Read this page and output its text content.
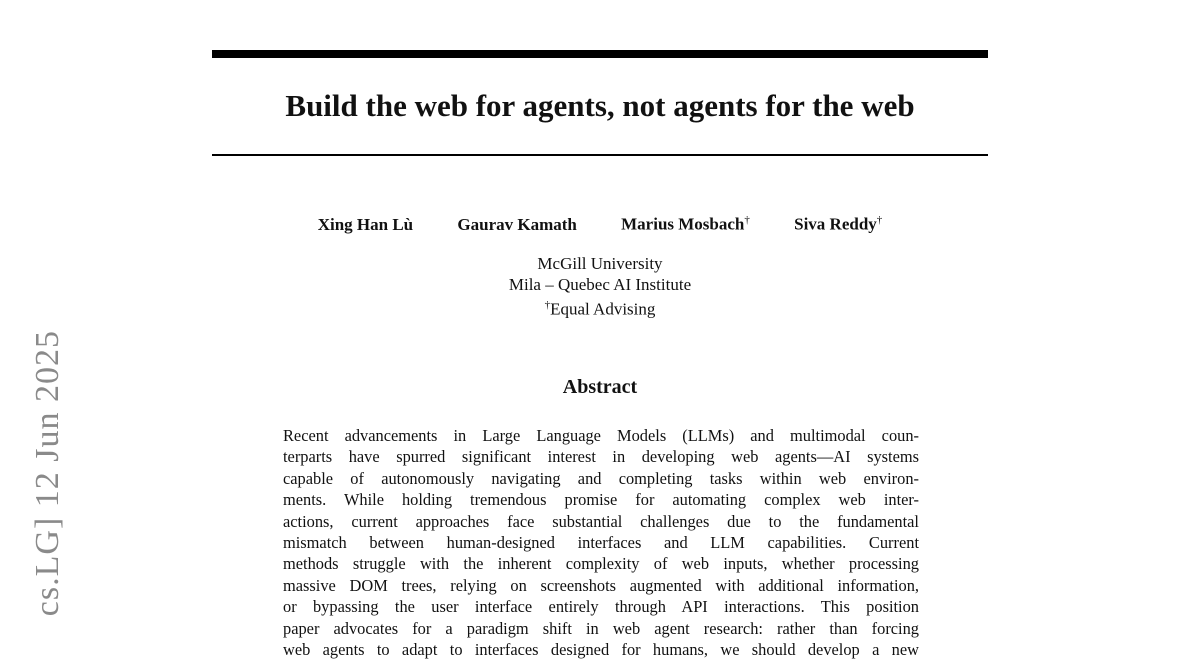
Build the web for agents, not agents for the web
Xing Han Lù	Gaurav Kamath	Marius Mosbach†	Siva Reddy†
McGill University
Mila – Quebec AI Institute
†Equal Advising
Abstract
Recent advancements in Large Language Models (LLMs) and multimodal coun-
terparts have spurred significant interest in developing web agents—AI systems
capable of autonomously navigating and completing tasks within web environ-
ments. While holding tremendous promise for automating complex web inter-
actions, current approaches face substantial challenges due to the fundamental
mismatch between human-designed interfaces and LLM capabilities. Current
methods struggle with the inherent complexity of web inputs, whether processing
massive DOM trees, relying on screenshots augmented with additional information,
or bypassing the user interface entirely through API interactions. This position
paper advocates for a paradigm shift in web agent research: rather than forcing
web agents to adapt to interfaces designed for humans, we should develop a new
cs.LG] 12 Jun 2025
